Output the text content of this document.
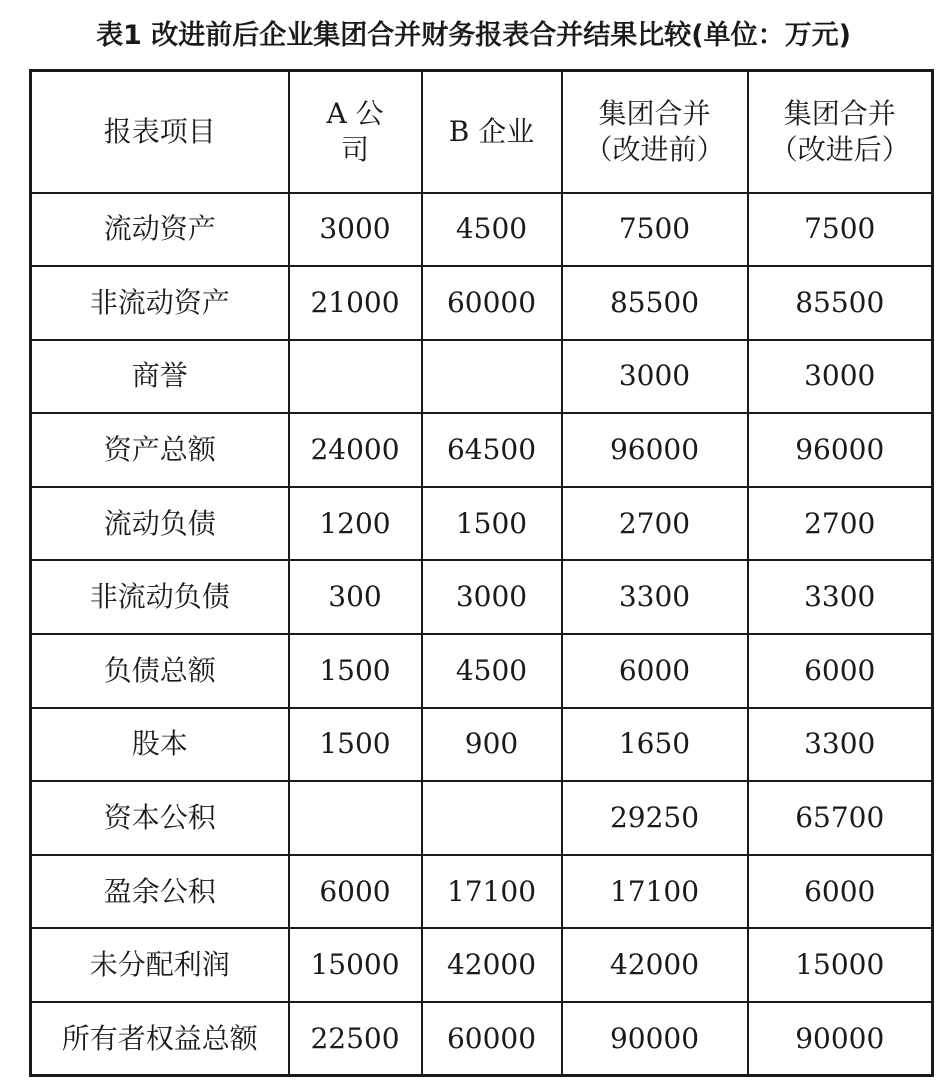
表1 改进前后企业集团合并财务报表合并结果比较(单位：万元)
报表项目	A 公司	B 企业	集团合并（改进前）	集团合并（改进后）
流动资产	3000	4500	7500	7500
非流动资产	21000	60000	85500	85500
商誉			3000	3000
资产总额	24000	64500	96000	96000
流动负债	1200	1500	2700	2700
非流动负债	300	3000	3300	3300
负债总额	1500	4500	6000	6000
股本	1500	900	1650	3300
资本公积			29250	65700
盈余公积	6000	17100	17100	6000
未分配利润	15000	42000	42000	15000
所有者权益总额	22500	60000	90000	90000
